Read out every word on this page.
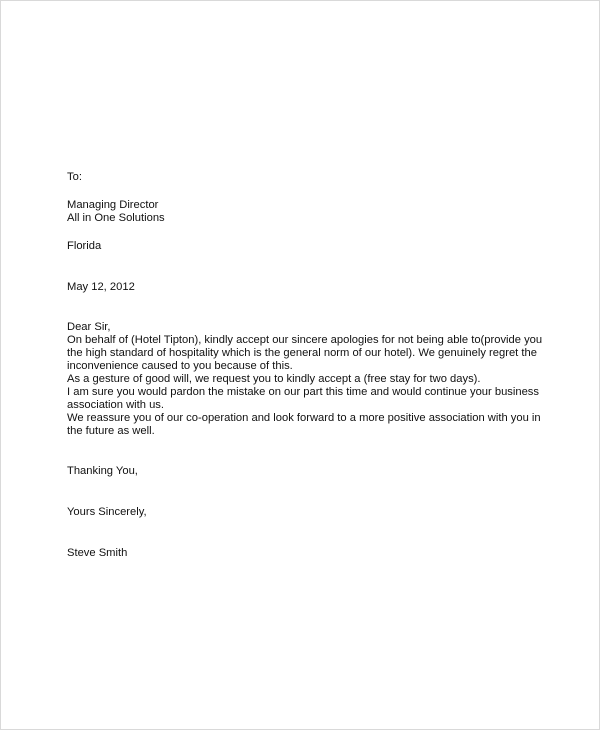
To:
Managing Director
All in One Solutions
Florida
May 12, 2012
Dear Sir,
On behalf of (Hotel Tipton), kindly accept our sincere apologies for not being able to(provide you
the high standard of hospitality which is the general norm of our hotel). We genuinely regret the
inconvenience caused to you because of this.
As a gesture of good will, we request you to kindly accept a (free stay for two days).
I am sure you would pardon the mistake on our part this time and would continue your business
association with us.
We reassure you of our co-operation and look forward to a more positive association with you in
the future as well.
Thanking You,
Yours Sincerely,
Steve Smith
